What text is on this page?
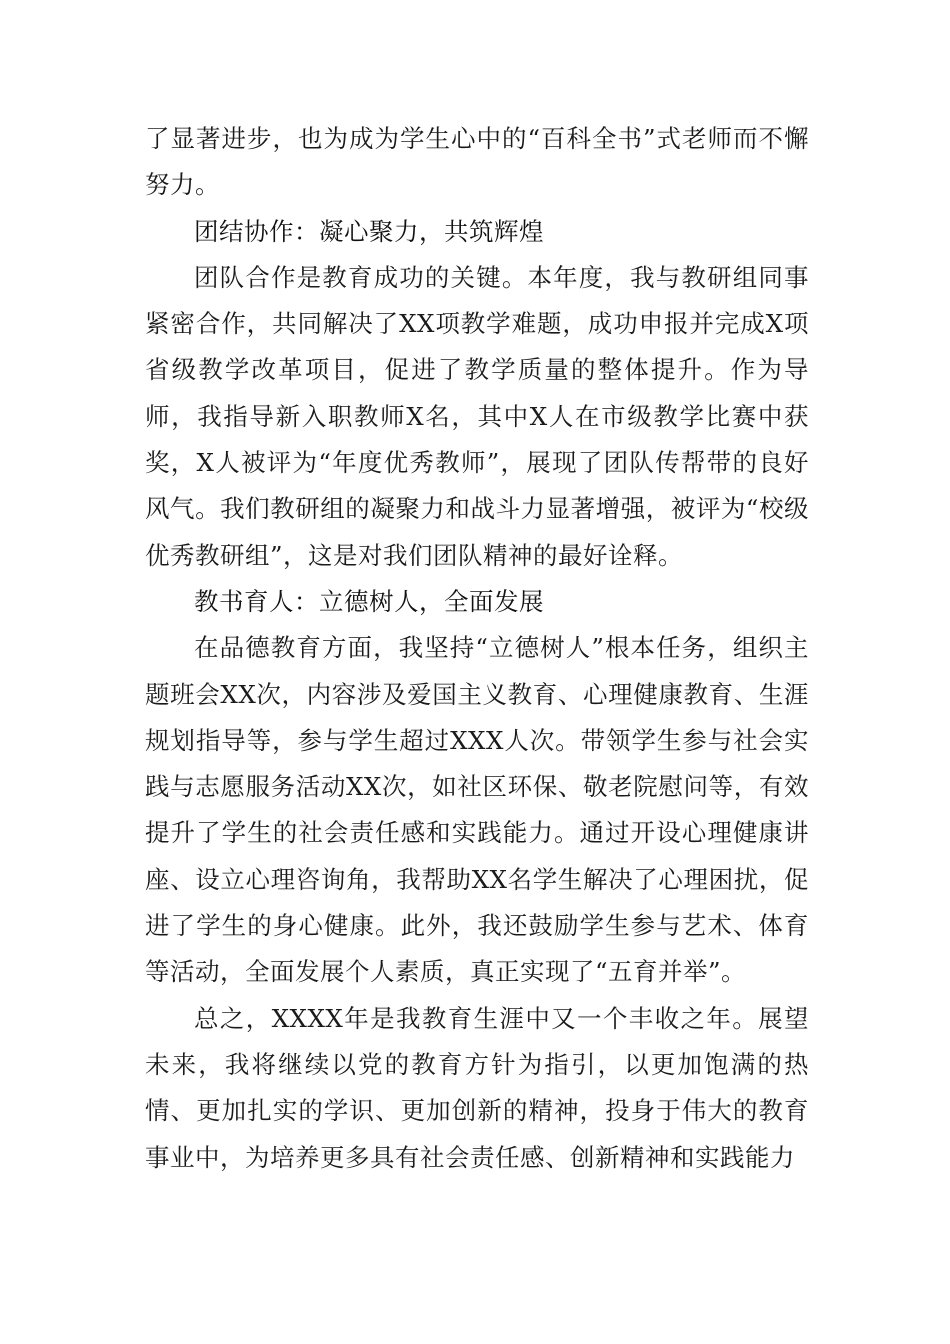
了显著进步，也为成为学生心中的“百科全书”式老师而不懈努力。

团结协作：凝心聚力，共筑辉煌

团队合作是教育成功的关键。本年度，我与教研组同事紧密合作，共同解决了XX项教学难题，成功申报并完成X项省级教学改革项目，促进了教学质量的整体提升。作为导师，我指导新入职教师X名，其中X人在市级教学比赛中获奖，X人被评为“年度优秀教师”，展现了团队传帮带的良好风气。我们教研组的凝聚力和战斗力显著增强，被评为“校级优秀教研组”，这是对我们团队精神的最好诠释。

教书育人：立德树人，全面发展

在品德教育方面，我坚持“立德树人”根本任务，组织主题班会XX次，内容涉及爱国主义教育、心理健康教育、生涯规划指导等，参与学生超过XXX人次。带领学生参与社会实践与志愿服务活动XX次，如社区环保、敬老院慰问等，有效提升了学生的社会责任感和实践能力。通过开设心理健康讲座、设立心理咨询角，我帮助XX名学生解决了心理困扰，促进了学生的身心健康。此外，我还鼓励学生参与艺术、体育等活动，全面发展个人素质，真正实现了“五育并举”。

总之，XXXX年是我教育生涯中又一个丰收之年。展望未来，我将继续以党的教育方针为指引，以更加饱满的热情、更加扎实的学识、更加创新的精神，投身于伟大的教育事业中，为培养更多具有社会责任感、创新精神和实践能力
